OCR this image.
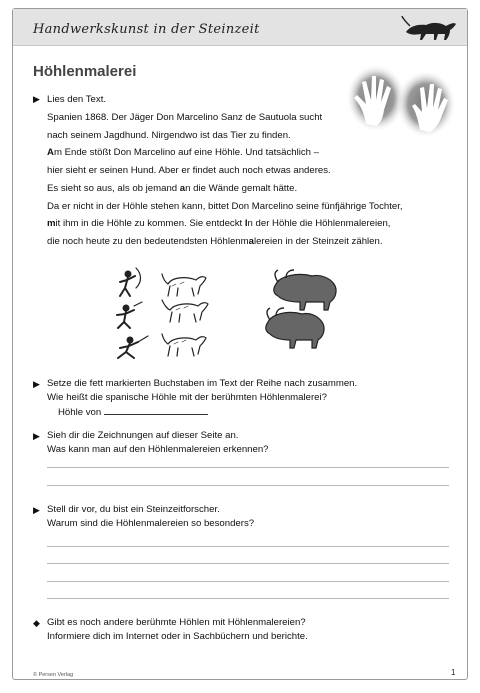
Handwerkskunst in der Steinzeit
Höhlenmalerei
▶ Lies den Text.
Spanien 1868. Der Jäger Don Marcelino Sanz de Sautuola sucht
nach seinem Jagdhund. Nirgendwo ist das Tier zu finden.
Am Ende stößt Don Marcelino auf eine Höhle. Und tatsächlich –
hier sieht er seinen Hund. Aber er findet auch noch etwas anderes.
Es sieht so aus, als ob jemand an die Wände gemalt hätte.
Da er nicht in der Höhle stehen kann, bittet Don Marcelino seine fünfjährige Tochter,
mit ihm in die Höhle zu kommen. Sie entdeckt In der Höhle die Höhlenmalereien,
die noch heute zu den bedeutendsten Höhlenmalereien in der Steinzeit zählen.
▶ Setze die fett markierten Buchstaben im Text der Reihe nach zusammen.
Wie heißt die spanische Höhle mit der berühmten Höhlenmalerei?
Höhle von
▶ Sieh dir die Zeichnungen auf dieser Seite an.
Was kann man auf den Höhlenmalereien erkennen?
▶ Stell dir vor, du bist ein Steinzeitforscher.
Warum sind die Höhlenmalereien so besonders?
◆ Gibt es noch andere berühmte Höhlen mit Höhlenmalereien?
Informiere dich im Internet oder in Sachbüchern und berichte.
© Persen Verlag	1
